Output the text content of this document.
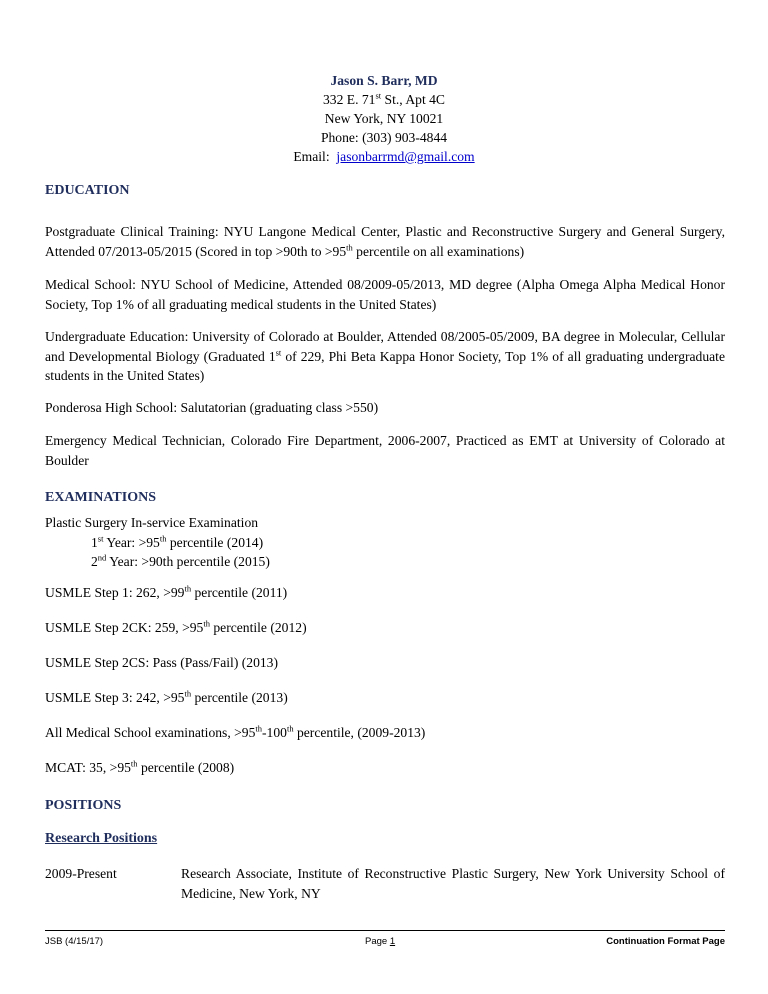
Jason S. Barr, MD
332 E. 71st St., Apt 4C
New York, NY 10021
Phone: (303) 903-4844
Email: jasonbarrmd@gmail.com
EDUCATION
Postgraduate Clinical Training: NYU Langone Medical Center, Plastic and Reconstructive Surgery and General Surgery, Attended 07/2013-05/2015 (Scored in top >90th to >95th percentile on all examinations)
Medical School: NYU School of Medicine, Attended 08/2009-05/2013, MD degree (Alpha Omega Alpha Medical Honor Society, Top 1% of all graduating medical students in the United States)
Undergraduate Education: University of Colorado at Boulder, Attended 08/2005-05/2009, BA degree in Molecular, Cellular and Developmental Biology (Graduated 1st of 229, Phi Beta Kappa Honor Society, Top 1% of all graduating undergraduate students in the United States)
Ponderosa High School: Salutatorian (graduating class >550)
Emergency Medical Technician, Colorado Fire Department, 2006-2007, Practiced as EMT at University of Colorado at Boulder
EXAMINATIONS
Plastic Surgery In-service Examination
1st Year: >95th percentile (2014)
2nd Year: >90th percentile (2015)
USMLE Step 1: 262, >99th percentile (2011)
USMLE Step 2CK: 259, >95th percentile (2012)
USMLE Step 2CS: Pass (Pass/Fail) (2013)
USMLE Step 3: 242, >95th percentile (2013)
All Medical School examinations, >95th-100th percentile, (2009-2013)
MCAT: 35, >95th percentile (2008)
POSITIONS
Research Positions
2009-Present	Research Associate, Institute of Reconstructive Plastic Surgery, New York University School of Medicine, New York, NY
JSB (4/15/17)	Page 1	Continuation Format Page
